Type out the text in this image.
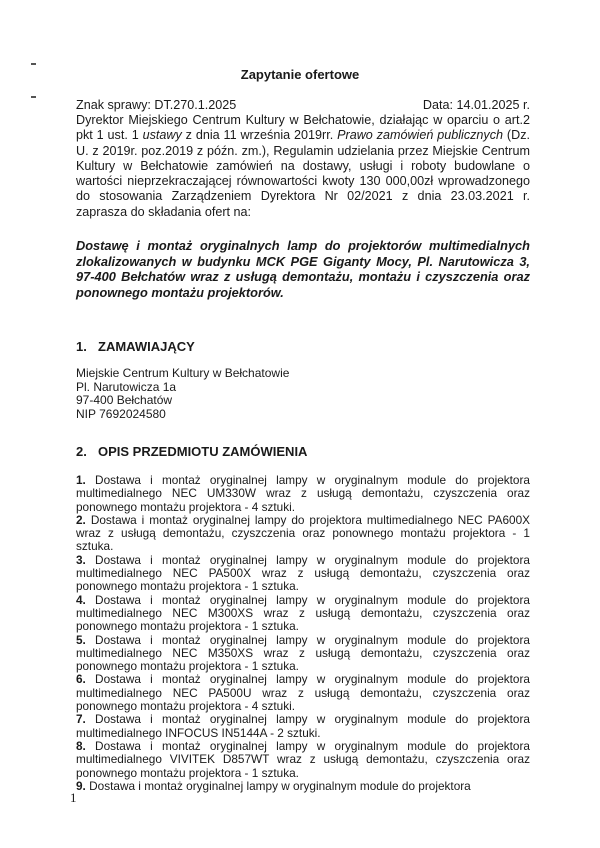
Zapytanie ofertowe
Znak sprawy: DT.270.1.2025	Data: 14.01.2025 r.
Dyrektor Miejskiego Centrum Kultury w Bełchatowie, działając w oparciu o art.2 pkt 1 ust. 1 ustawy z dnia 11 września 2019rr. Prawo zamówień publicznych (Dz. U. z 2019r. poz.2019 z późn. zm.), Regulamin udzielania przez Miejskie Centrum Kultury w Bełchatowie zamówień na dostawy, usługi i roboty budowlane o wartości nieprzekraczającej równowartości kwoty 130 000,00zł wprowadzonego do stosowania Zarządzeniem Dyrektora Nr 02/2021 z dnia 23.03.2021 r. zaprasza do składania ofert na:
Dostawę i montaż oryginalnych lamp do projektorów multimedialnych zlokalizowanych w budynku MCK PGE Giganty Mocy, Pl. Narutowicza 3, 97-400 Bełchatów wraz z usługą demontażu, montażu i czyszczenia oraz ponownego montażu projektorów.
1. ZAMAWIAJĄCY
Miejskie Centrum Kultury w Bełchatowie
Pl. Narutowicza 1a
97-400 Bełchatów
NIP 7692024580
2. OPIS PRZEDMIOTU ZAMÓWIENIA

1. Dostawa i montaż oryginalnej lampy w oryginalnym module do projektora multimedialnego NEC UM330W wraz z usługą demontażu, czyszczenia oraz ponownego montażu projektora - 4 sztuki.

2. Dostawa i montaż oryginalnej lampy do projektora multimedialnego NEC PA600X wraz z usługą demontażu, czyszczenia oraz ponownego montażu projektora - 1 sztuka.

3. Dostawa i montaż oryginalnej lampy w oryginalnym module do projektora multimedialnego NEC PA500X wraz z usługą demontażu, czyszczenia oraz ponownego montażu projektora - 1 sztuka.

4. Dostawa i montaż oryginalnej lampy w oryginalnym module do projektora multimedialnego NEC M300XS wraz z usługą demontażu, czyszczenia oraz ponownego montażu projektora - 1 sztuka.

5. Dostawa i montaż oryginalnej lampy w oryginalnym module do projektora multimedialnego NEC M350XS wraz z usługą demontażu, czyszczenia oraz ponownego montażu projektora - 1 sztuka.

6. Dostawa i montaż oryginalnej lampy w oryginalnym module do projektora multimedialnego NEC PA500U wraz z usługą demontażu, czyszczenia oraz ponownego montażu projektora - 4 sztuki.

7. Dostawa i montaż oryginalnej lampy w oryginalnym module do projektora multimedialnego INFOCUS IN5144A - 2 sztuki.

8. Dostawa i montaż oryginalnej lampy w oryginalnym module do projektora multimedialnego VIVITEK D857WT wraz z usługą demontażu, czyszczenia oraz ponownego montażu projektora - 1 sztuka.

9. Dostawa i montaż oryginalnej lampy w oryginalnym module do projektora

1
